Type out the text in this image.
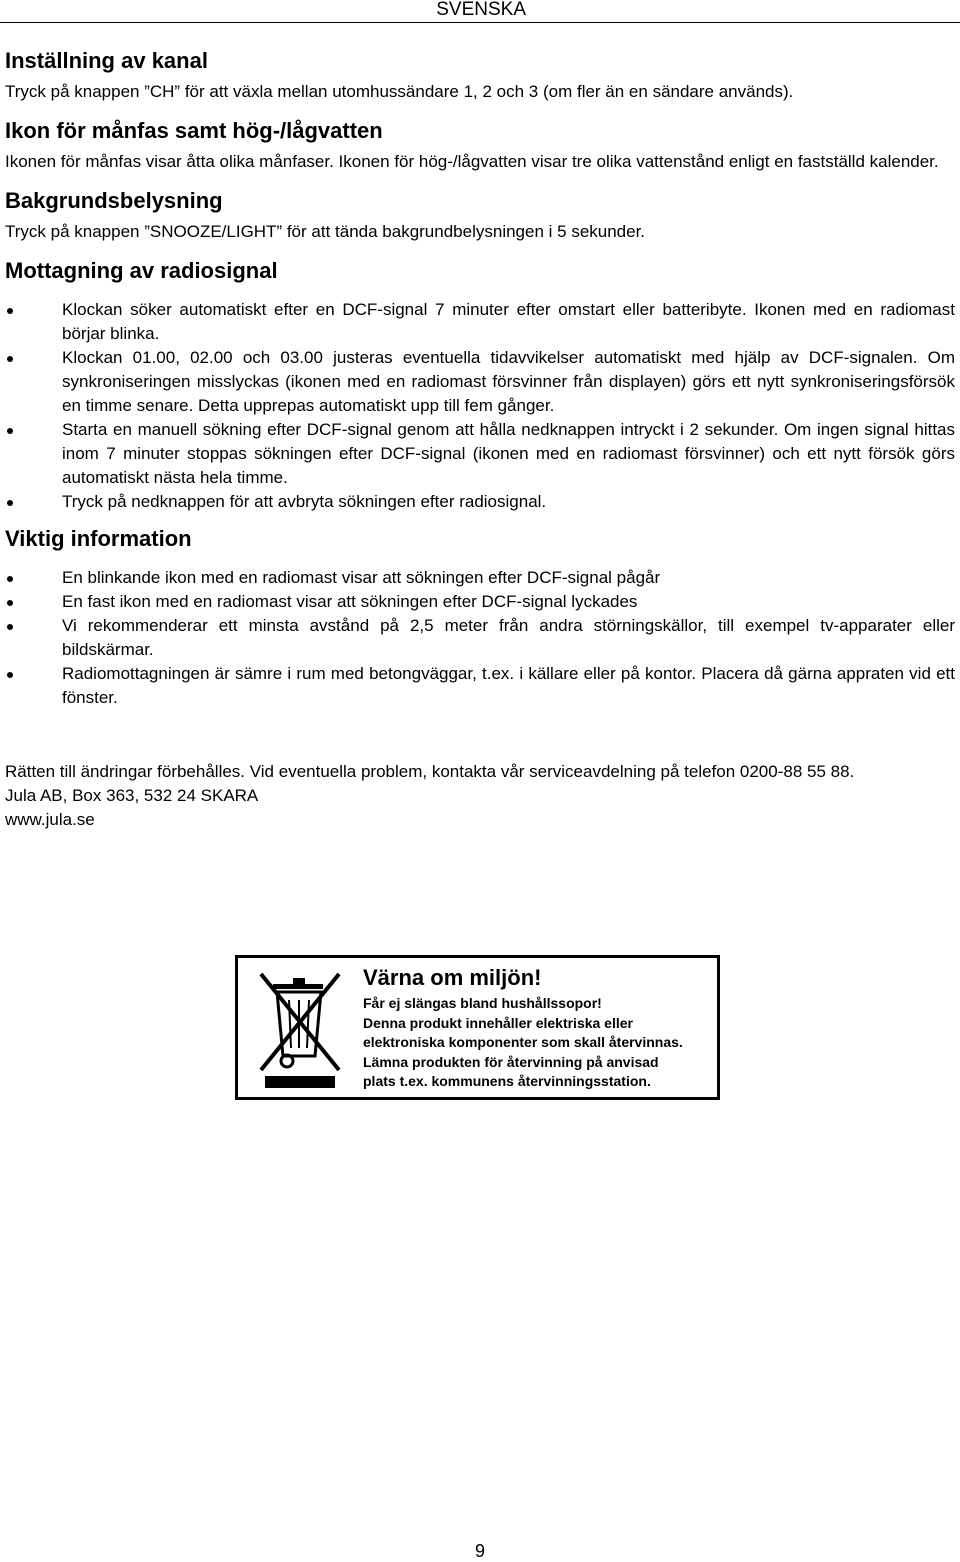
SVENSKA
Inställning av kanal
Tryck på knappen ”CH” för att växla mellan utomhussändare 1, 2 och 3 (om fler än en sändare används).
Ikon för månfas samt hög-/lågvatten
Ikonen för månfas visar åtta olika månfaser. Ikonen för hög-/lågvatten visar tre olika vattenstånd enligt en fastställd kalender.
Bakgrundsbelysning
Tryck på knappen ”SNOOZE/LIGHT” för att tända bakgrundbelysningen i 5 sekunder.
Mottagning av radiosignal
Klockan söker automatiskt efter en DCF-signal 7 minuter efter omstart eller batteribyte. Ikonen med en radiomast börjar blinka.
Klockan 01.00, 02.00 och 03.00 justeras eventuella tidavvikelser automatiskt med hjälp av DCF-signalen. Om synkroniseringen misslyckas (ikonen med en radiomast försvinner från displayen) görs ett nytt synkroniseringsförsök en timme senare. Detta upprepas automatiskt upp till fem gånger.
Starta en manuell sökning efter DCF-signal genom att hålla nedknappen intryckt i 2 sekunder. Om ingen signal hittas inom 7 minuter stoppas sökningen efter DCF-signal (ikonen med en radiomast försvinner) och ett nytt försök görs automatiskt nästa hela timme.
Tryck på nedknappen för att avbryta sökningen efter radiosignal.
Viktig information
En blinkande ikon med en radiomast visar att sökningen efter DCF-signal pågår
En fast ikon med en radiomast visar att sökningen efter DCF-signal lyckades
Vi rekommenderar ett minsta avstånd på 2,5 meter från andra störningskällor, till exempel tv-apparater eller bildskärmar.
Radiomottagningen är sämre i rum med betongväggar, t.ex. i källare eller på kontor. Placera då gärna appraten vid ett fönster.
Rätten till ändringar förbehålles. Vid eventuella problem, kontakta vår serviceavdelning på telefon 0200-88 55 88.
Jula AB, Box 363, 532 24 SKARA
www.jula.se
Värna om miljön!
Får ej slängas bland hushållssopor!
Denna produkt innehåller elektriska eller
elektroniska komponenter som skall återvinnas.
Lämna produkten för återvinning på anvisad
plats t.ex. kommunens återvinningsstation.
9
